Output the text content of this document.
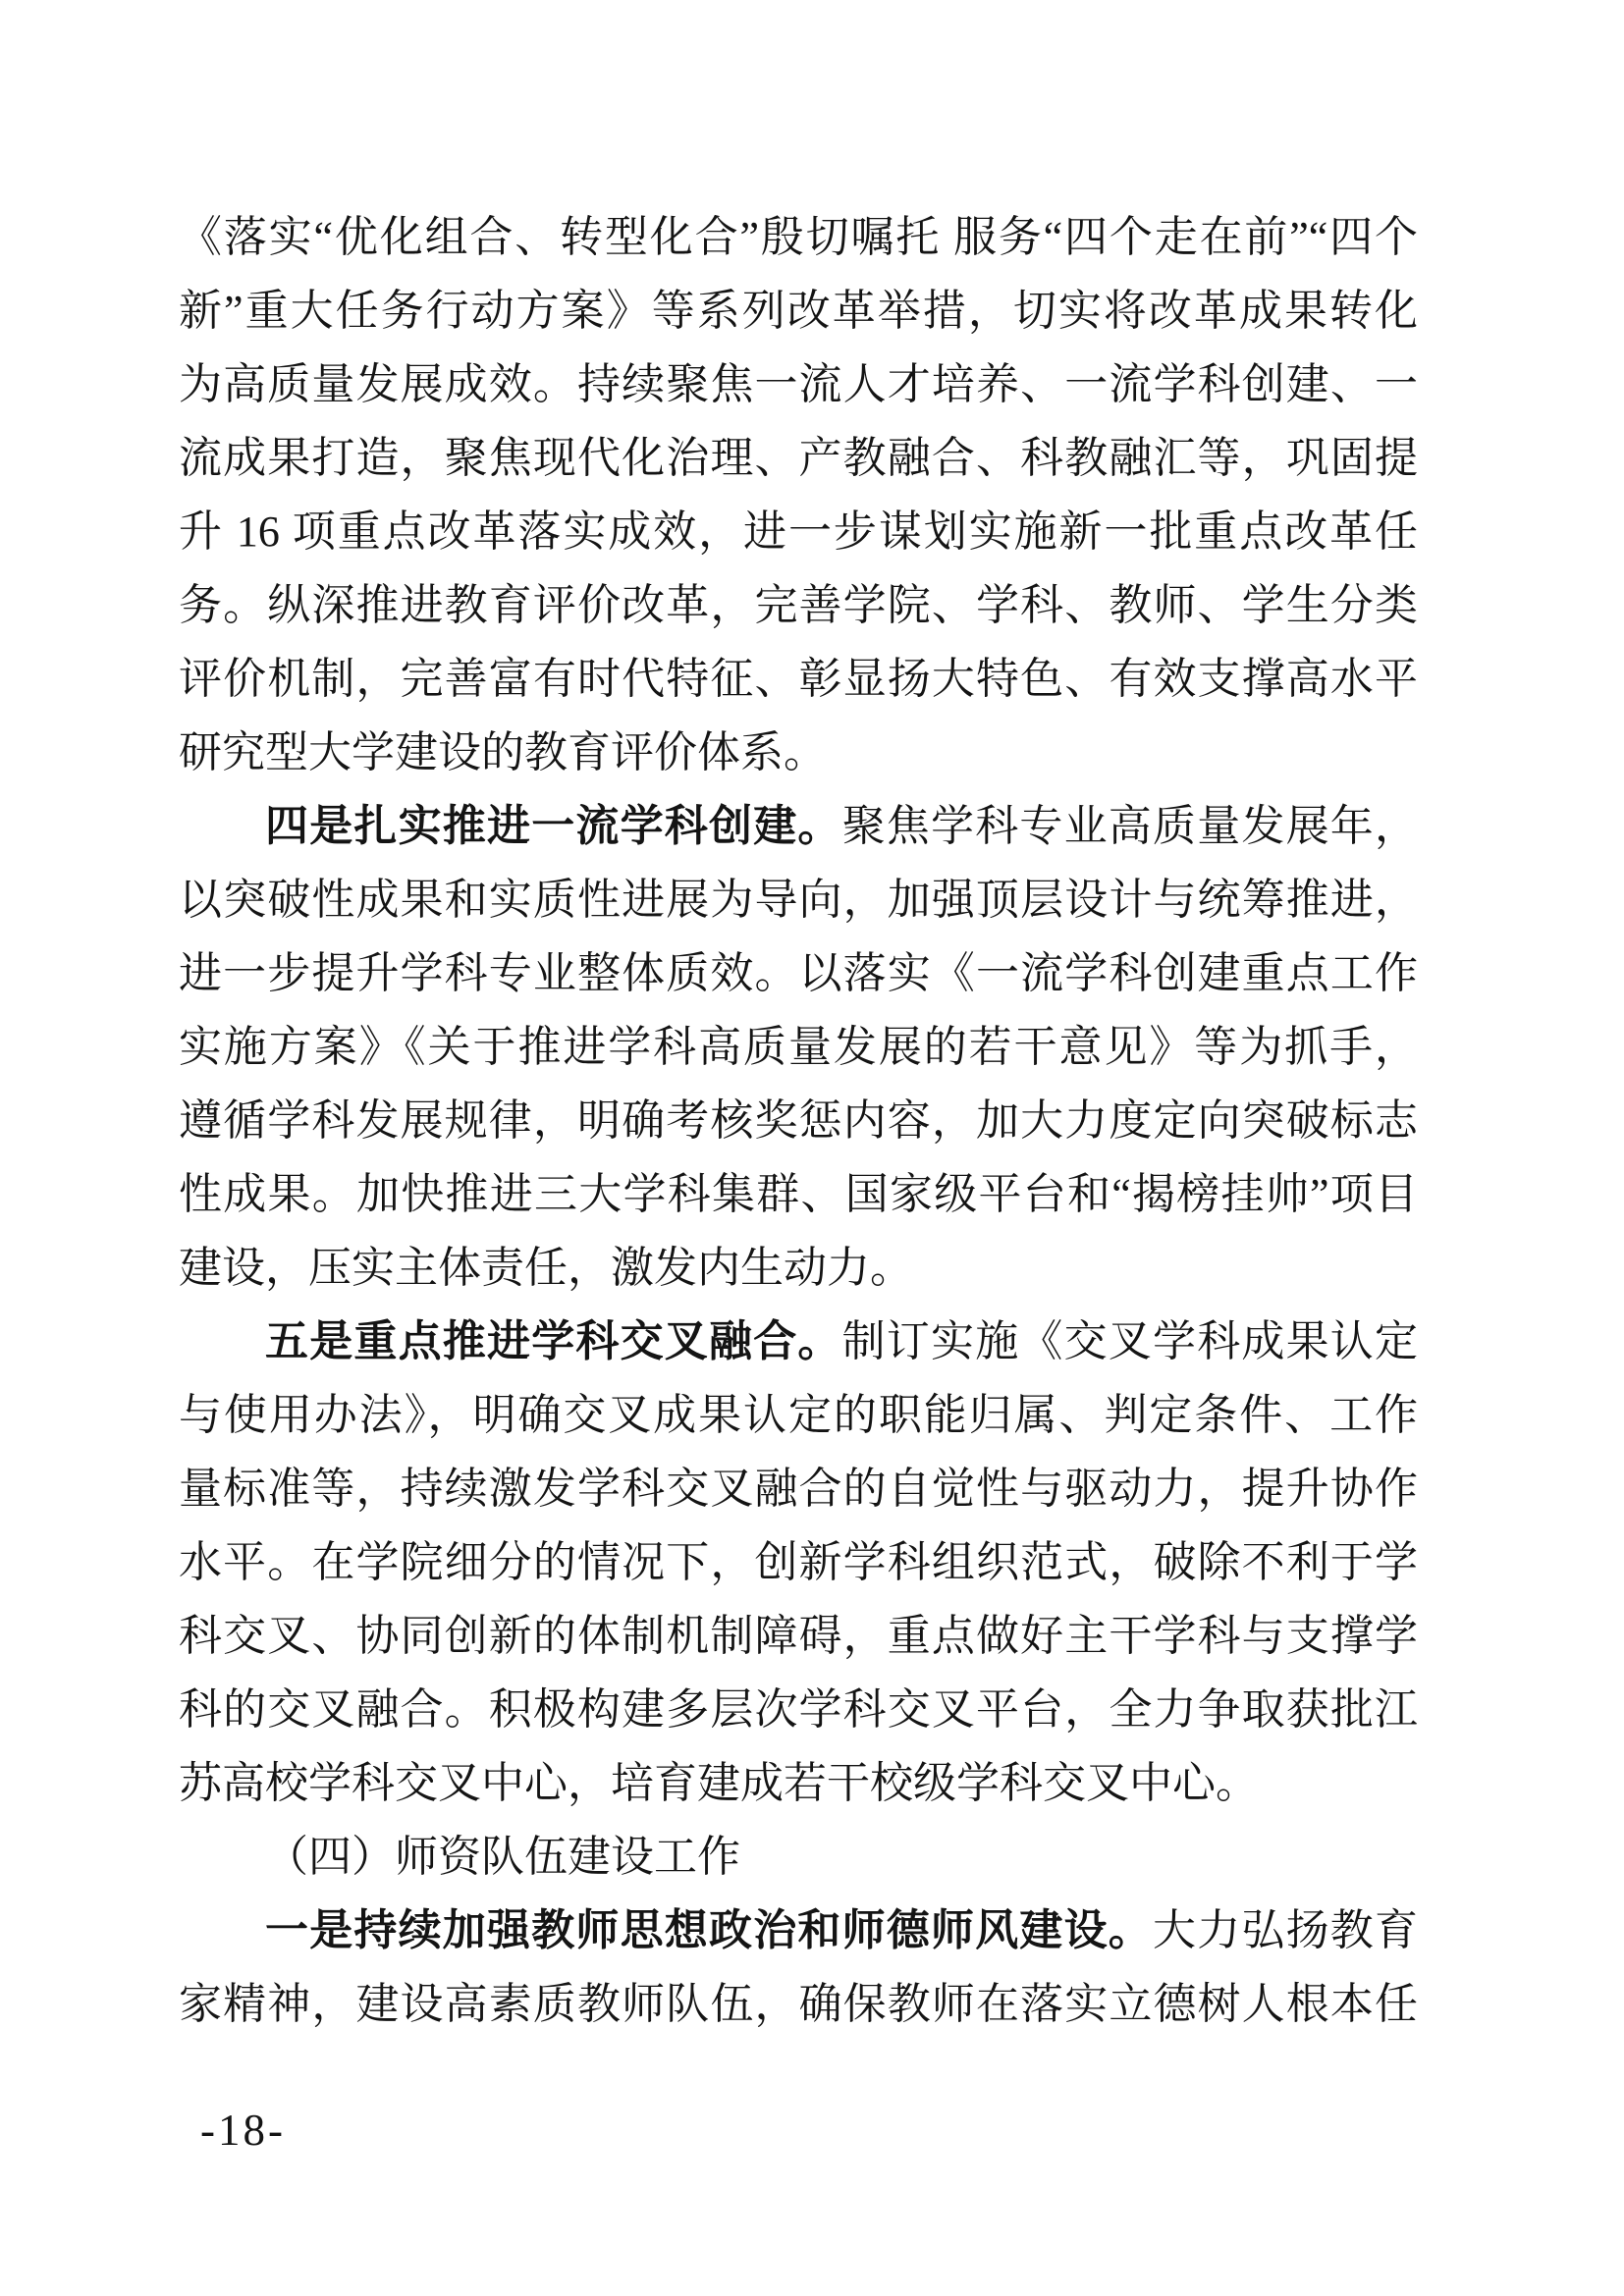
《落实“优化组合、转型化合”殷切嘱托 服务“四个走在前”“四个
新”重大任务行动方案》等系列改革举措，切实将改革成果转化
为高质量发展成效。持续聚焦一流人才培养、一流学科创建、一
流成果打造，聚焦现代化治理、产教融合、科教融汇等，巩固提
升 16 项重点改革落实成效，进一步谋划实施新一批重点改革任
务。纵深推进教育评价改革，完善学院、学科、教师、学生分类
评价机制，完善富有时代特征、彰显扬大特色、有效支撑高水平
研究型大学建设的教育评价体系。
四是扎实推进一流学科创建。聚焦学科专业高质量发展年，
以突破性成果和实质性进展为导向，加强顶层设计与统筹推进，
进一步提升学科专业整体质效。以落实《一流学科创建重点工作
实施方案》《关于推进学科高质量发展的若干意见》等为抓手，
遵循学科发展规律，明确考核奖惩内容，加大力度定向突破标志
性成果。加快推进三大学科集群、国家级平台和“揭榜挂帅”项目
建设，压实主体责任，激发内生动力。
五是重点推进学科交叉融合。制订实施《交叉学科成果认定
与使用办法》，明确交叉成果认定的职能归属、判定条件、工作
量标准等，持续激发学科交叉融合的自觉性与驱动力，提升协作
水平。在学院细分的情况下，创新学科组织范式，破除不利于学
科交叉、协同创新的体制机制障碍，重点做好主干学科与支撑学
科的交叉融合。积极构建多层次学科交叉平台，全力争取获批江
苏高校学科交叉中心，培育建成若干校级学科交叉中心。
（四）师资队伍建设工作
一是持续加强教师思想政治和师德师风建设。大力弘扬教育
家精神，建设高素质教师队伍，确保教师在落实立德树人根本任
-18-
